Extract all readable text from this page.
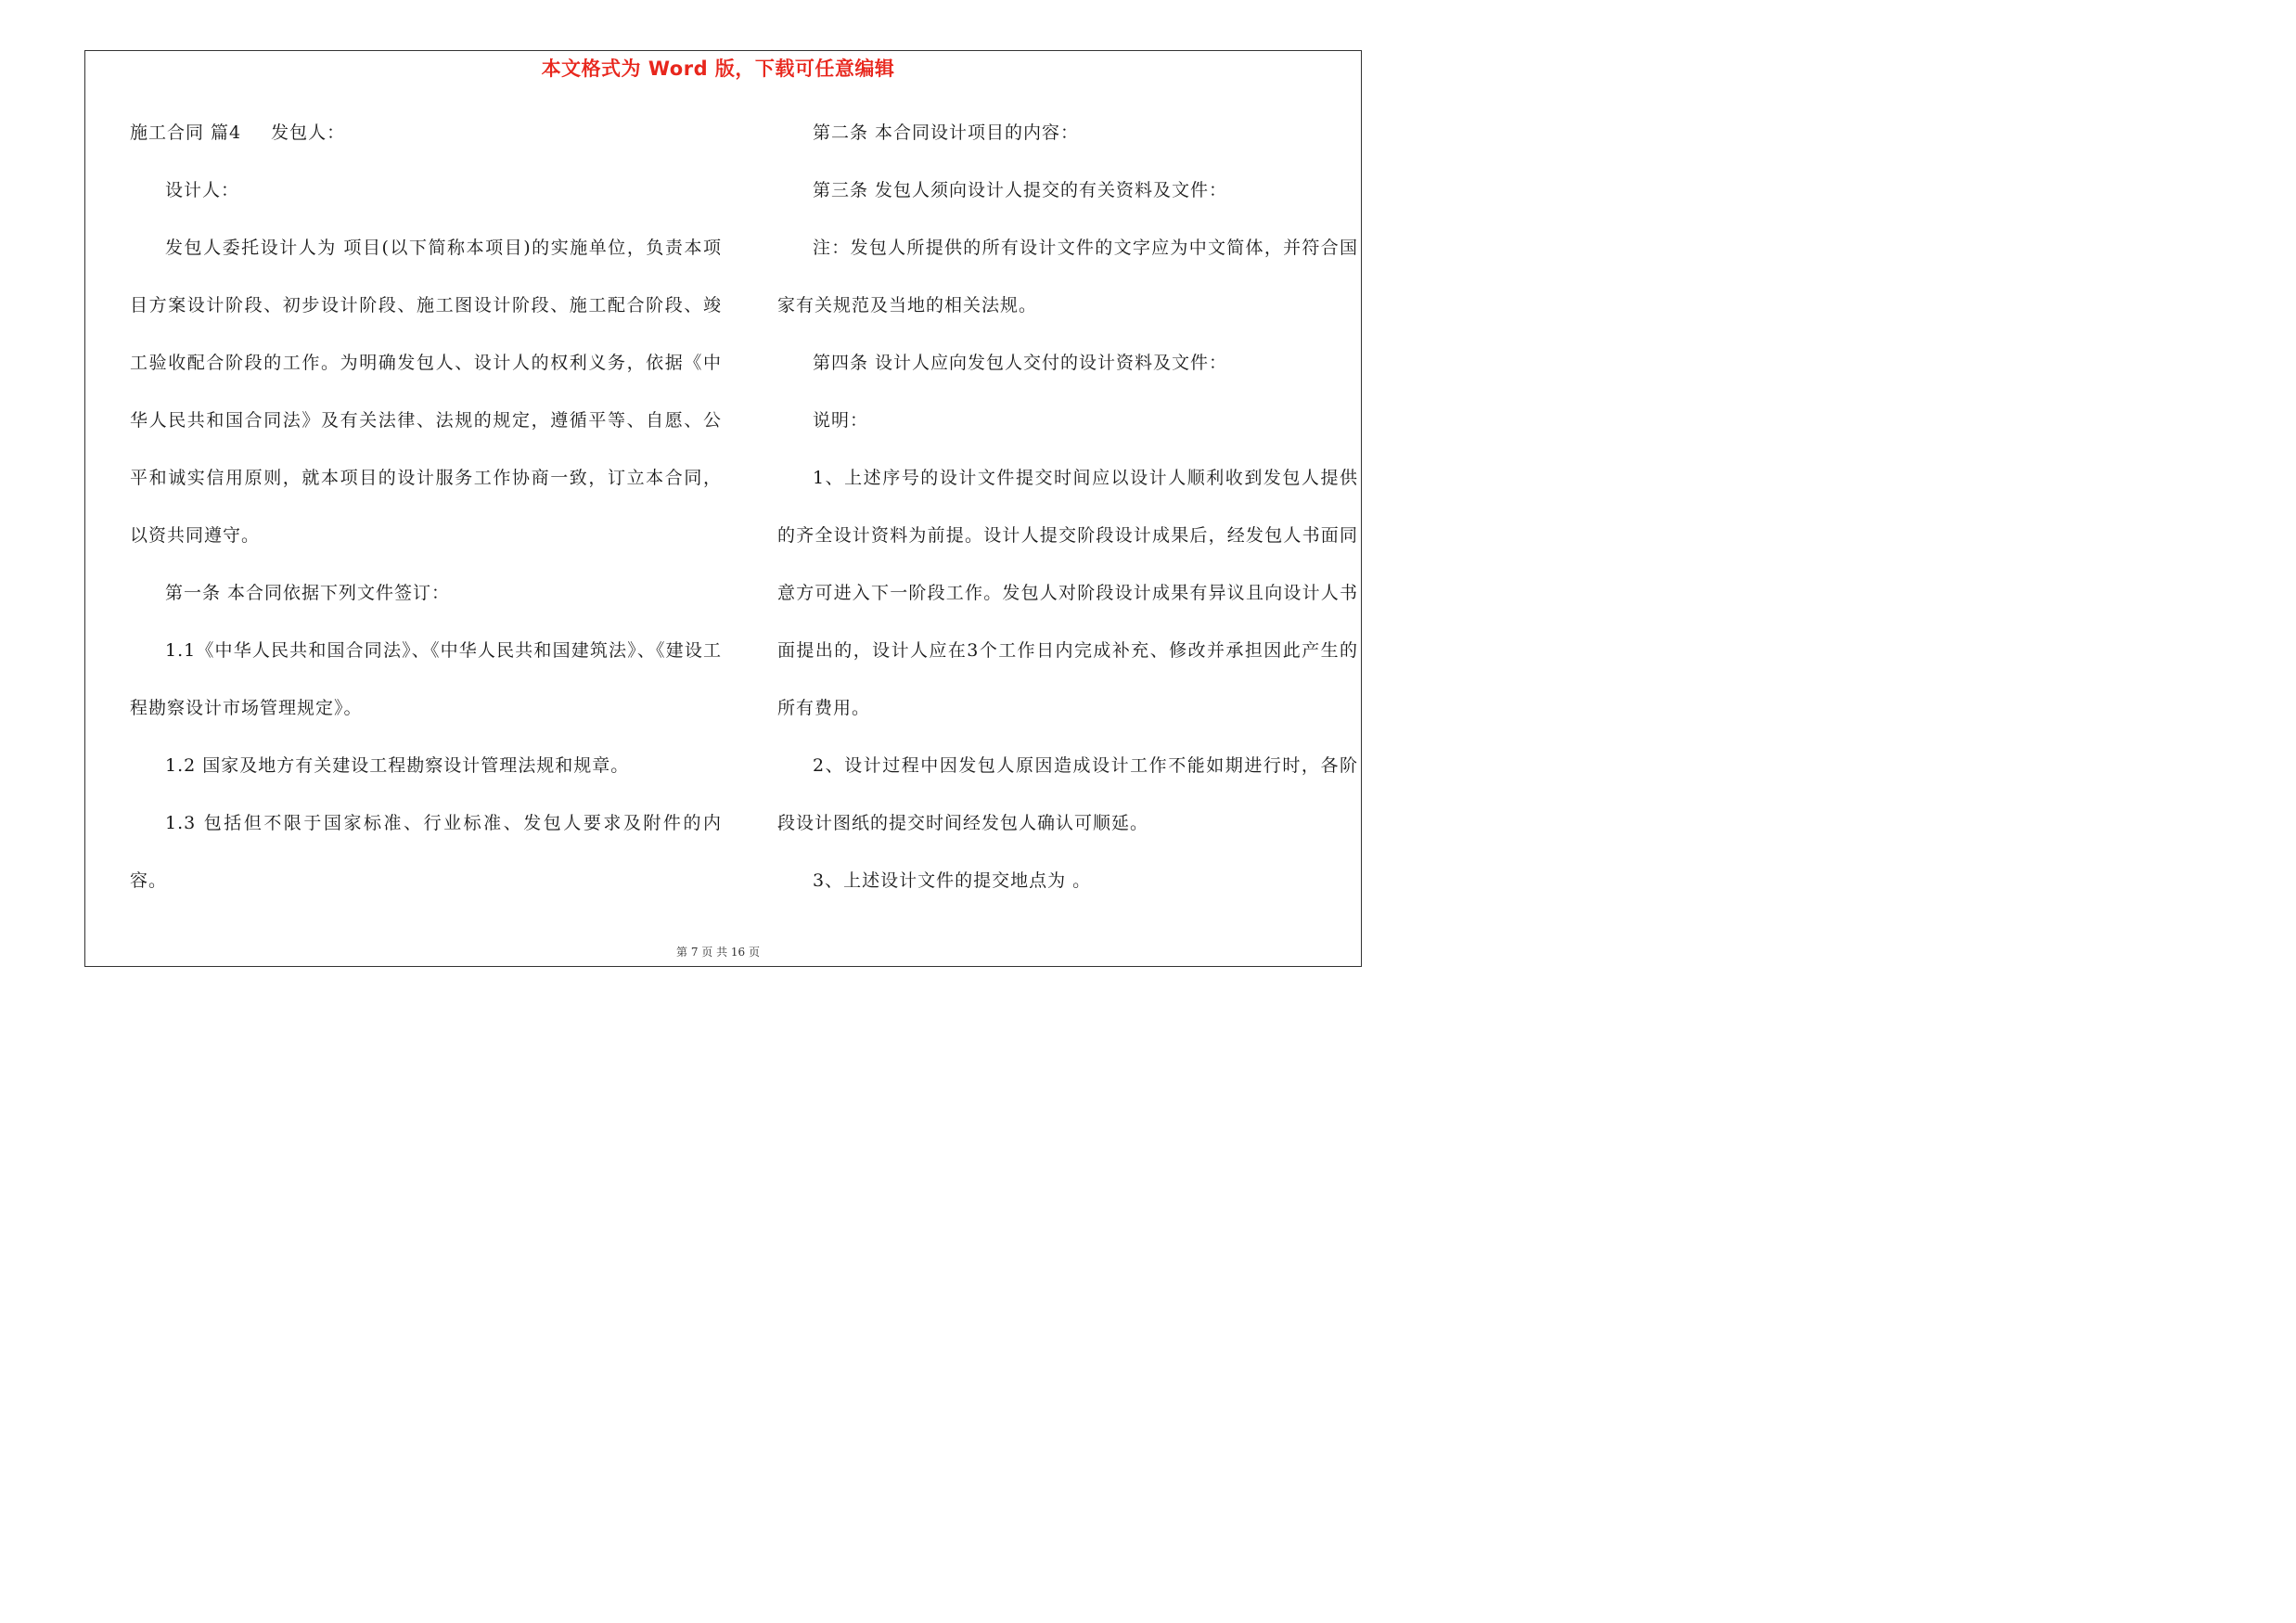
本文格式为 Word 版，下载可任意编辑

施工合同 篇4 发包人：

设计人：

发包人委托设计人为 项目(以下简称本项目)的实施单位，负责本项目方案设计阶段、初步设计阶段、施工图设计阶段、施工配合阶段、竣工验收配合阶段的工作。为明确发包人、设计人的权利义务，依据《中华人民共和国合同法》及有关法律、法规的规定，遵循平等、自愿、公平和诚实信用原则，就本项目的设计服务工作协商一致，订立本合同，以资共同遵守。

第一条 本合同依据下列文件签订：

1.1《中华人民共和国合同法》、《中华人民共和国建筑法》、《建设工程勘察设计市场管理规定》。

1.2 国家及地方有关建设工程勘察设计管理法规和规章。

1.3 包括但不限于国家标准、行业标准、发包人要求及附件的内容。

第二条 本合同设计项目的内容：

第三条 发包人须向设计人提交的有关资料及文件：

注：发包人所提供的所有设计文件的文字应为中文简体，并符合国家有关规范及当地的相关法规。

第四条 设计人应向发包人交付的设计资料及文件：

说明：

1、上述序号的设计文件提交时间应以设计人顺利收到发包人提供的齐全设计资料为前提。设计人提交阶段设计成果后，经发包人书面同意方可进入下一阶段工作。发包人对阶段设计成果有异议且向设计人书面提出的，设计人应在3个工作日内完成补充、修改并承担因此产生的所有费用。

2、设计过程中因发包人原因造成设计工作不能如期进行时，各阶段设计图纸的提交时间经发包人确认可顺延。

3、上述设计文件的提交地点为 。

第 7 页 共 16 页
